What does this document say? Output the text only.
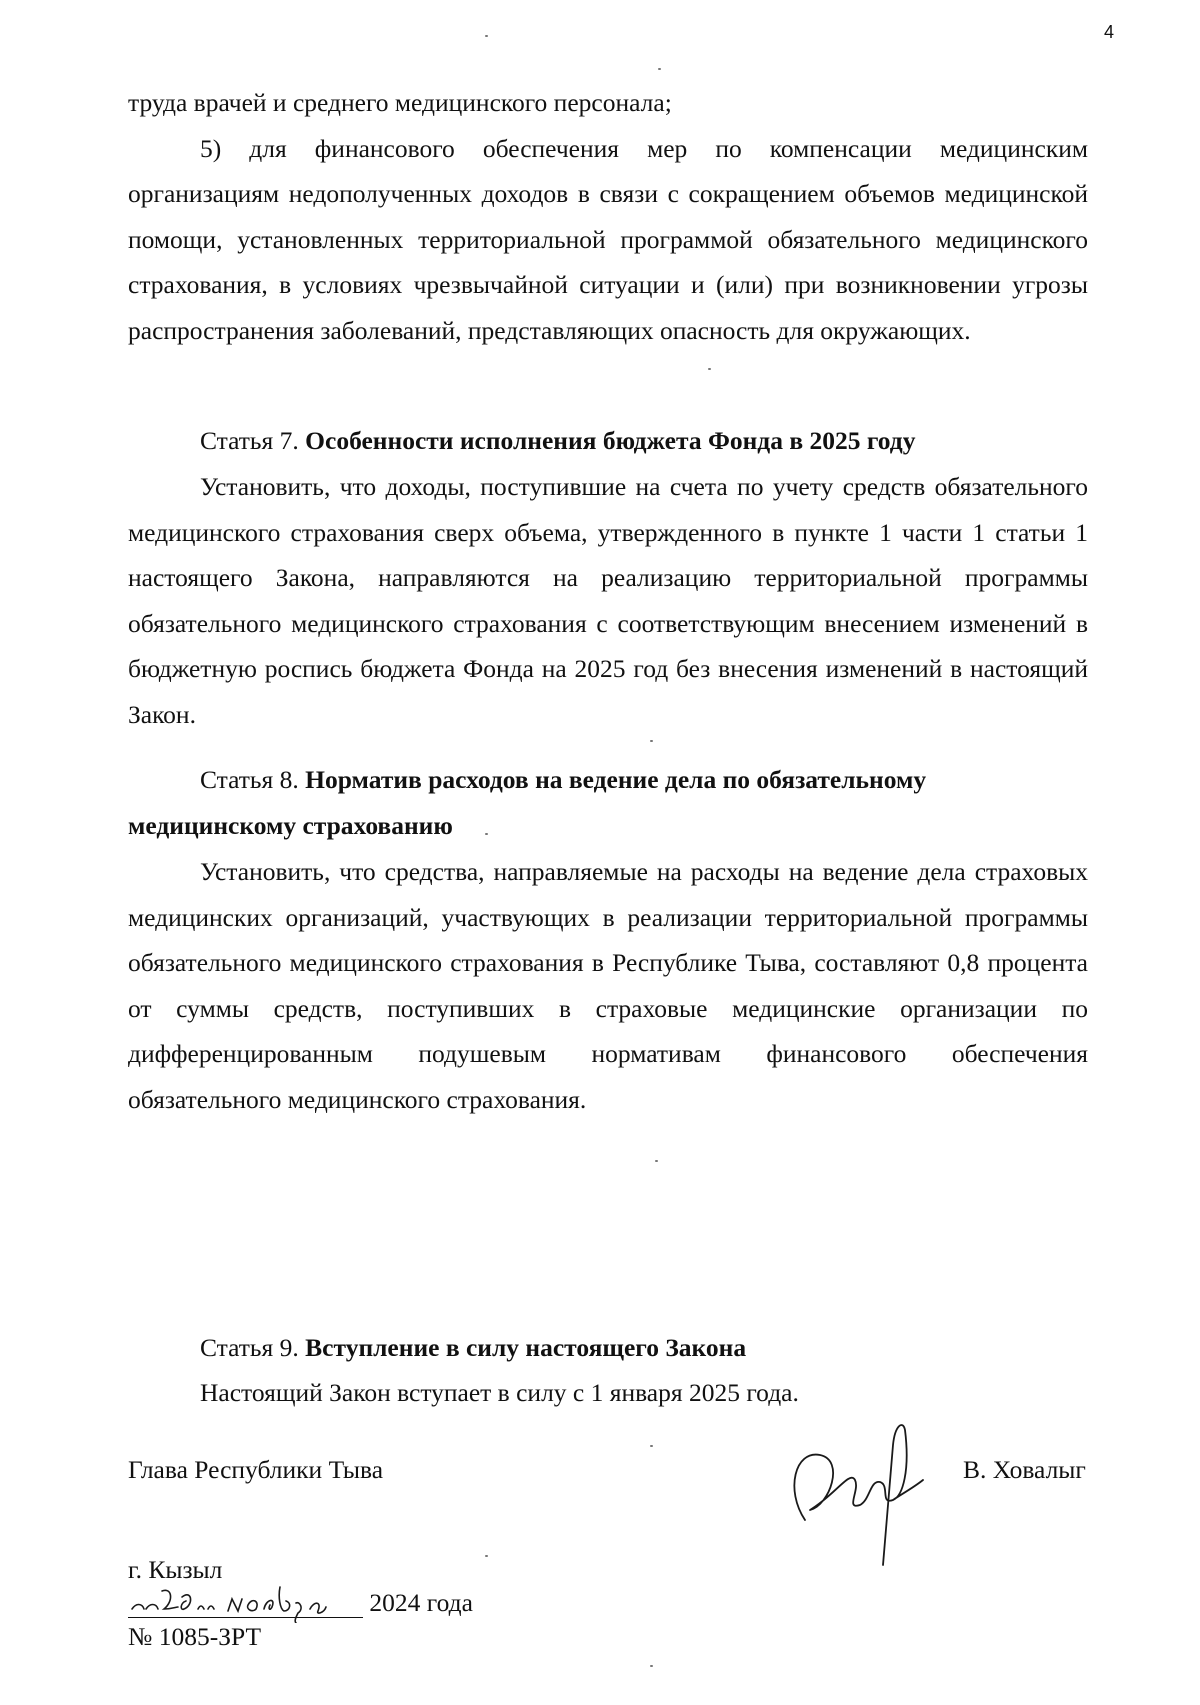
4

труда врачей и среднего медицинского персонала;

5) для финансового обеспечения мер по компенсации медицинским организациям недополученных доходов в связи с сокращением объемов медицинской помощи, установленных территориальной программой обязательного медицинского страхования, в условиях чрезвычайной ситуации и (или) при возникновении угрозы распространения заболеваний, представляющих опасность для окружающих.

Статья 7. Особенности исполнения бюджета Фонда в 2025 году

Установить, что доходы, поступившие на счета по учету средств обязательного медицинского страхования сверх объема, утвержденного в пункте 1 части 1 статьи 1 настоящего Закона, направляются на реализацию территориальной программы обязательного медицинского страхования с соответствующим внесением изменений в бюджетную роспись бюджета Фонда на 2025 год без внесения изменений в настоящий Закон.

Статья 8. Норматив расходов на ведение дела по обязательному медицинскому страхованию

Установить, что средства, направляемые на расходы на ведение дела страховых медицинских организаций, участвующих в реализации территориальной программы обязательного медицинского страхования в Республике Тыва, составляют 0,8 процента от суммы средств, поступивших в страховые медицинские организации по дифференцированным подушевым нормативам финансового обеспечения обязательного медицинского страхования.

Статья 9. Вступление в силу настоящего Закона

Настоящий Закон вступает в силу с 1 января 2025 года.

Глава Республики Тыва	В. Ховалыг
г. Кызыл
2024 года
№ 1085-ЗРТ
